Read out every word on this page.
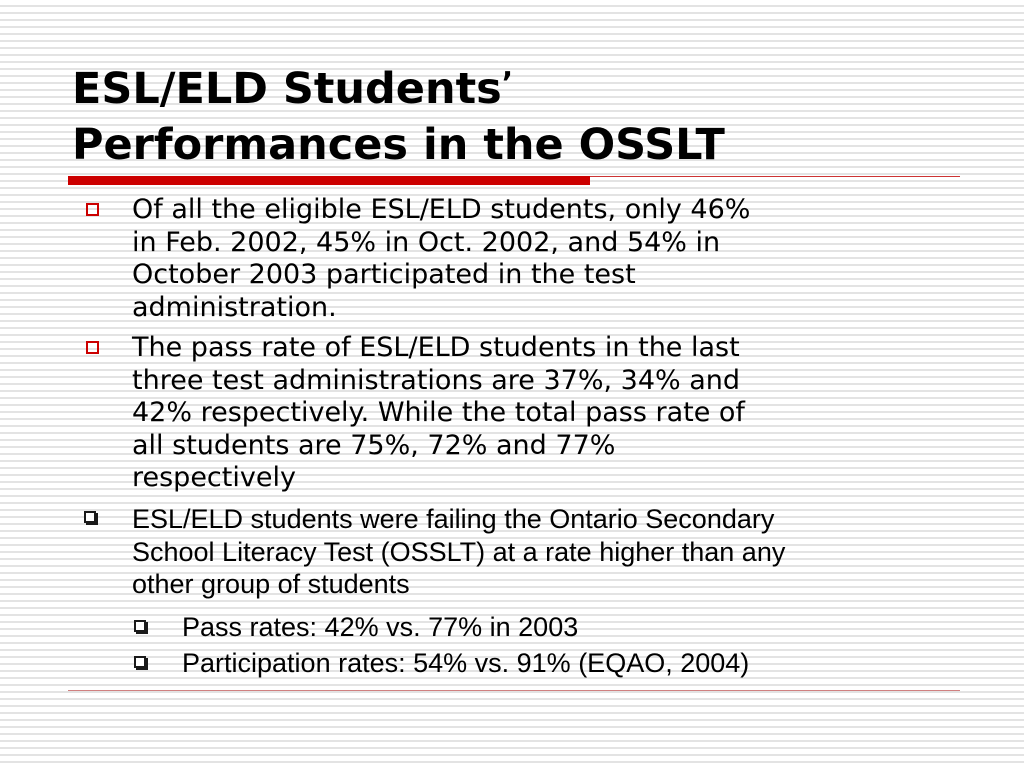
ESL/ELD Students’
Performances in the OSSLT
Of all the eligible ESL/ELD students, only 46%
in Feb. 2002, 45% in Oct. 2002, and 54% in
October 2003 participated in the test
administration.
The pass rate of ESL/ELD students in the last
three test administrations are 37%, 34% and
42% respectively. While the total pass rate of
all students are 75%, 72% and 77%
respectively
ESL/ELD students were failing the Ontario Secondary
School Literacy Test (OSSLT) at a rate higher than any
other group of students
Pass rates: 42% vs. 77% in 2003
Participation rates: 54% vs. 91% (EQAO, 2004)
